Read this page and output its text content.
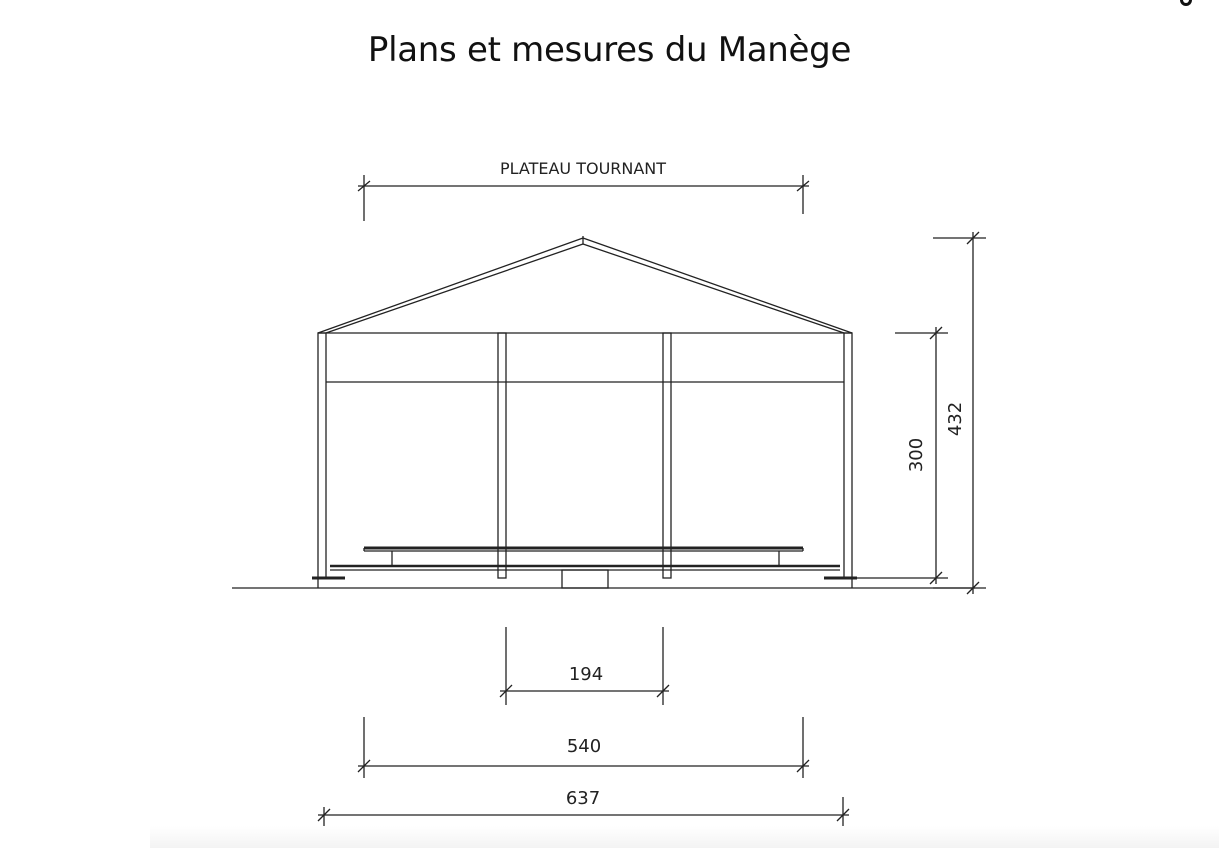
Plans et mesures du Manège
PLATEAU TOURNANT
300
432
194
540
637
